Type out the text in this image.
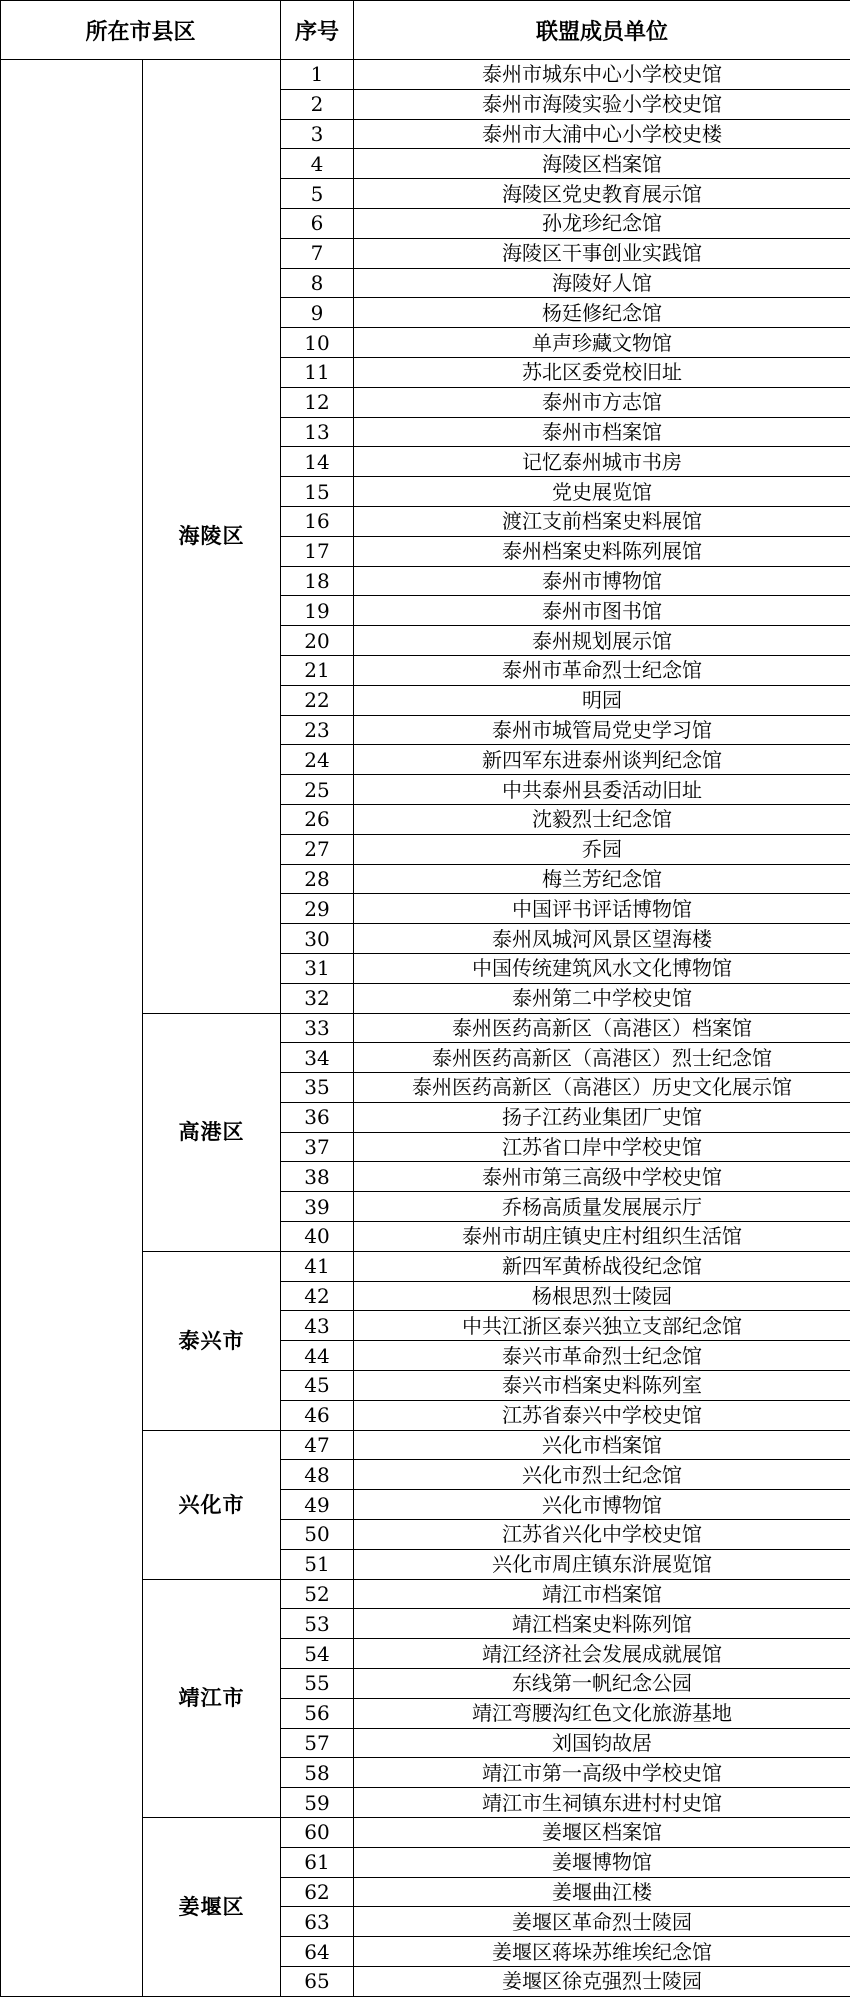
所在市县区		序号	联盟成员单位
	海陵区	1	泰州市城东中心小学校史馆
		2	泰州市海陵实验小学校史馆
		3	泰州市大浦中心小学校史楼
		4	海陵区档案馆
		5	海陵区党史教育展示馆
		6	孙龙珍纪念馆
		7	海陵区干事创业实践馆
		8	海陵好人馆
		9	杨廷修纪念馆
		10	单声珍藏文物馆
		11	苏北区委党校旧址
		12	泰州市方志馆
		13	泰州市档案馆
		14	记忆泰州城市书房
		15	党史展览馆
		16	渡江支前档案史料展馆
		17	泰州档案史料陈列展馆
		18	泰州市博物馆
		19	泰州市图书馆
		20	泰州规划展示馆
		21	泰州市革命烈士纪念馆
		22	明园
		23	泰州市城管局党史学习馆
		24	新四军东进泰州谈判纪念馆
		25	中共泰州县委活动旧址
		26	沈毅烈士纪念馆
		27	乔园
		28	梅兰芳纪念馆
		29	中国评书评话博物馆
		30	泰州凤城河风景区望海楼
		31	中国传统建筑风水文化博物馆
		32	泰州第二中学校史馆
	高港区	33	泰州医药高新区（高港区）档案馆
		34	泰州医药高新区（高港区）烈士纪念馆
		35	泰州医药高新区（高港区）历史文化展示馆
		36	扬子江药业集团厂史馆
		37	江苏省口岸中学校史馆
		38	泰州市第三高级中学校史馆
		39	乔杨高质量发展展示厅
		40	泰州市胡庄镇史庄村组织生活馆
	泰兴市	41	新四军黄桥战役纪念馆
		42	杨根思烈士陵园
		43	中共江浙区泰兴独立支部纪念馆
		44	泰兴市革命烈士纪念馆
		45	泰兴市档案史料陈列室
		46	江苏省泰兴中学校史馆
	兴化市	47	兴化市档案馆
		48	兴化市烈士纪念馆
		49	兴化市博物馆
		50	江苏省兴化中学校史馆
		51	兴化市周庄镇东浒展览馆
	靖江市	52	靖江市档案馆
		53	靖江档案史料陈列馆
		54	靖江经济社会发展成就展馆
		55	东线第一帆纪念公园
		56	靖江弯腰沟红色文化旅游基地
		57	刘国钧故居
		58	靖江市第一高级中学校史馆
		59	靖江市生祠镇东进村村史馆
	姜堰区	60	姜堰区档案馆
		61	姜堰博物馆
		62	姜堰曲江楼
		63	姜堰区革命烈士陵园
		64	姜堰区蒋垛苏维埃纪念馆
		65	姜堰区徐克强烈士陵园
